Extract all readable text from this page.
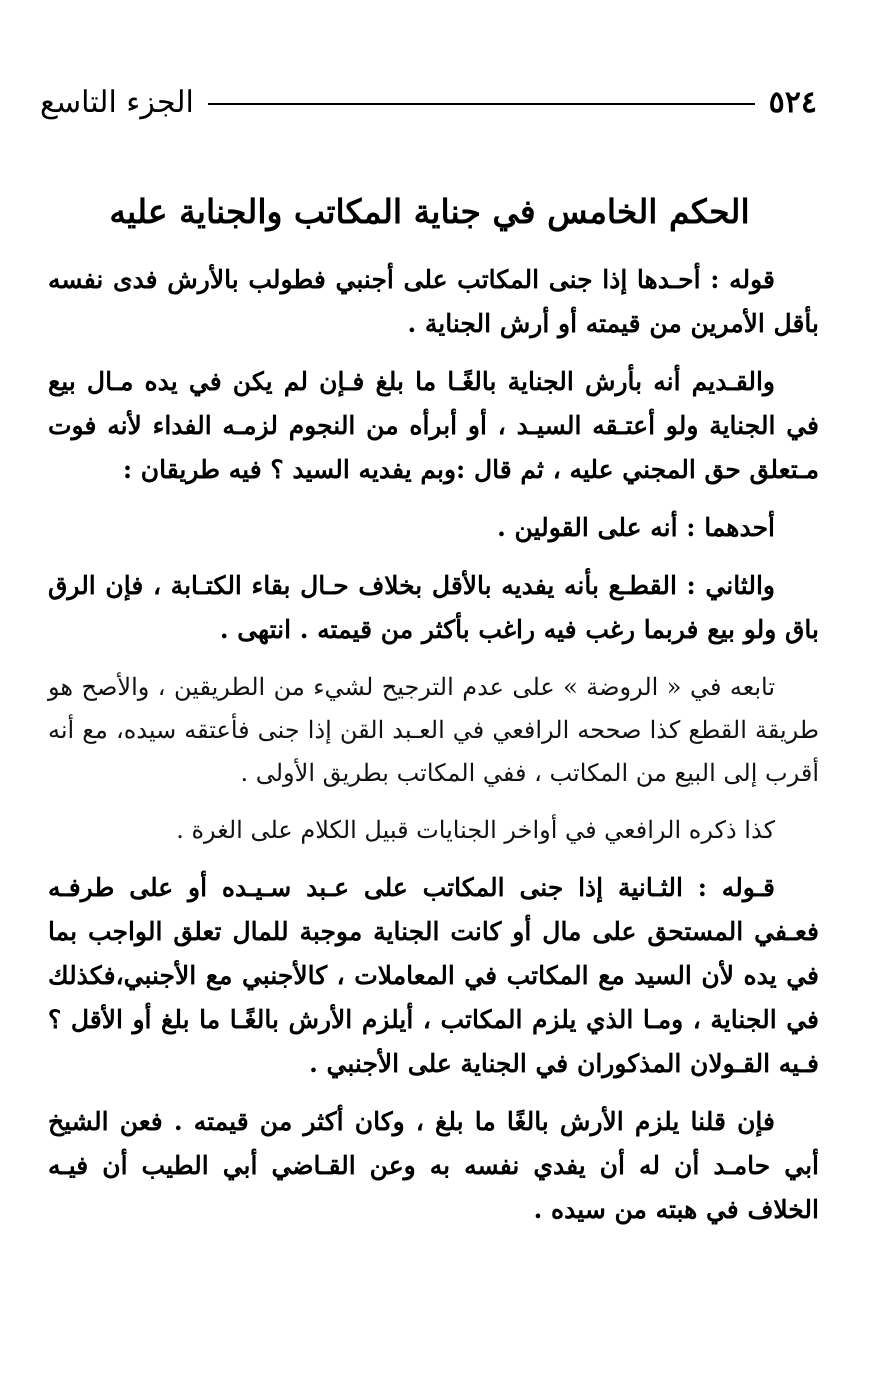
٥٢٤
الجزء التاسع
الحكم الخامس في جناية المكاتب والجناية عليه

قوله : أحـدها إذا جنى المكاتب على أجنبي فطولب بالأرش فدى نفسه بأقل الأمرين من قيمته أو أرش الجناية .

والقـديم أنه بأرش الجناية بالغًـا ما بلغ فـإن لم يكن في يده مـال بيع في الجناية ولو أعتـقه السيـد ، أو أبرأه من النجوم لزمـه الفداء لأنه فوت مـتعلق حق المجني عليه ، ثم قال :وبم يفديه السيد ؟ فيه طريقان :

أحدهما : أنه على القولين .

والثاني : القطـع بأنه يفديه بالأقل بخلاف حـال بقاء الكتـابة ، فإن الرق باق ولو بيع فربما رغب فيه راغب بأكثر من قيمته . انتهى .

تابعه في « الروضة » على عدم الترجيح لشيء من الطريقين ، والأصح هو طريقة القطع كذا صححه الرافعي في العـبد القن إذا جنى فأعتقه سيده، مع أنه أقرب إلى البيع من المكاتب ، ففي المكاتب بطريق الأولى .

كذا ذكره الرافعي في أواخر الجنايات قبيل الكلام على الغرة .

قـوله : الثـانية إذا جنى المكاتب على عـبد سـيـده أو على طرفـه فعـفي المستحق على مال أو كانت الجناية موجبة للمال تعلق الواجب بما في يده لأن السيد مع المكاتب في المعاملات ، كالأجنبي مع الأجنبي،فكذلك في الجناية ، ومـا الذي يلزم المكاتب ، أيلزم الأرش بالغًـا ما بلغ أو الأقل ؟ فـيه القـولان المذكوران في الجناية على الأجنبي .

فإن قلنا يلزم الأرش بالغًا ما بلغ ، وكان أكثر من قيمته . فعن الشيخ أبي حامـد أن له أن يفدي نفسه به وعن القـاضي أبي الطيب أن فيـه الخلاف في هبته من سيده .
